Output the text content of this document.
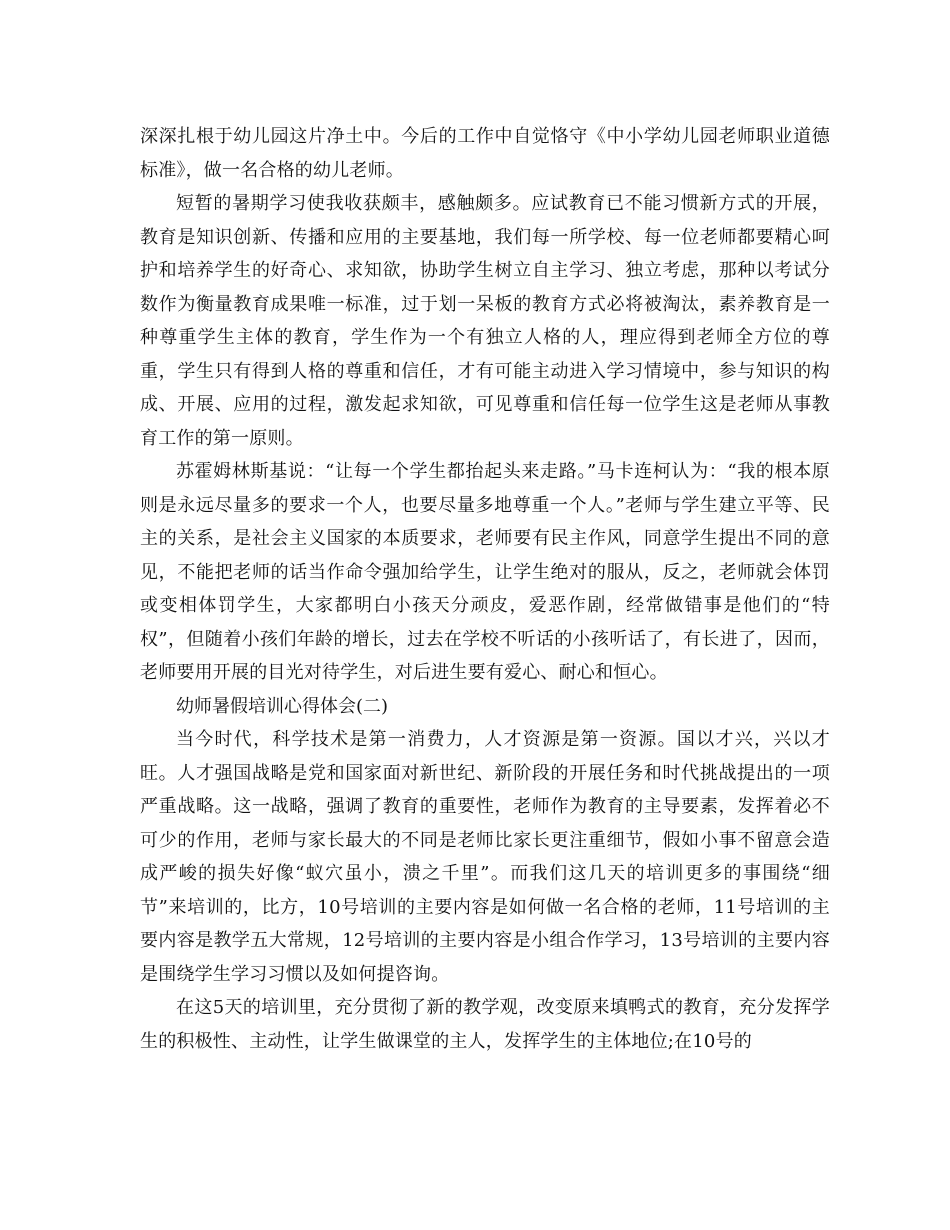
深深扎根于幼儿园这片净土中。今后的工作中自觉恪守《中小学幼儿园老师职业道德标准》，做一名合格的幼儿老师。

短暂的暑期学习使我收获颇丰，感触颇多。应试教育已不能习惯新方式的开展，教育是知识创新、传播和应用的主要基地，我们每一所学校、每一位老师都要精心呵护和培养学生的好奇心、求知欲，协助学生树立自主学习、独立考虑，那种以考试分数作为衡量教育成果唯一标准，过于划一呆板的教育方式必将被淘汰，素养教育是一种尊重学生主体的教育，学生作为一个有独立人格的人，理应得到老师全方位的尊重，学生只有得到人格的尊重和信任，才有可能主动进入学习情境中，参与知识的构成、开展、应用的过程，激发起求知欲，可见尊重和信任每一位学生这是老师从事教育工作的第一原则。

苏霍姆林斯基说：“让每一个学生都抬起头来走路。”马卡连柯认为：“我的根本原则是永远尽量多的要求一个人，也要尽量多地尊重一个人。”老师与学生建立平等、民主的关系，是社会主义国家的本质要求，老师要有民主作风，同意学生提出不同的意见，不能把老师的话当作命令强加给学生，让学生绝对的服从，反之，老师就会体罚或变相体罚学生，大家都明白小孩天分顽皮，爱恶作剧，经常做错事是他们的“特权”，但随着小孩们年龄的增长，过去在学校不听话的小孩听话了，有长进了，因而，老师要用开展的目光对待学生，对后进生要有爱心、耐心和恒心。

幼师暑假培训心得体会(二)

当今时代，科学技术是第一消费力，人才资源是第一资源。国以才兴，兴以才旺。人才强国战略是党和国家面对新世纪、新阶段的开展任务和时代挑战提出的一项严重战略。这一战略，强调了教育的重要性，老师作为教育的主导要素，发挥着必不可少的作用，老师与家长最大的不同是老师比家长更注重细节，假如小事不留意会造成严峻的损失好像“蚁穴虽小，溃之千里”。而我们这几天的培训更多的事围绕“细节”来培训的，比方，10号培训的主要内容是如何做一名合格的老师，11号培训的主要内容是教学五大常规，12号培训的主要内容是小组合作学习，13号培训的主要内容是围绕学生学习习惯以及如何提咨询。

在这5天的培训里，充分贯彻了新的教学观，改变原来填鸭式的教育，充分发挥学生的积极性、主动性，让学生做课堂的主人，发挥学生的主体地位;在10号的
